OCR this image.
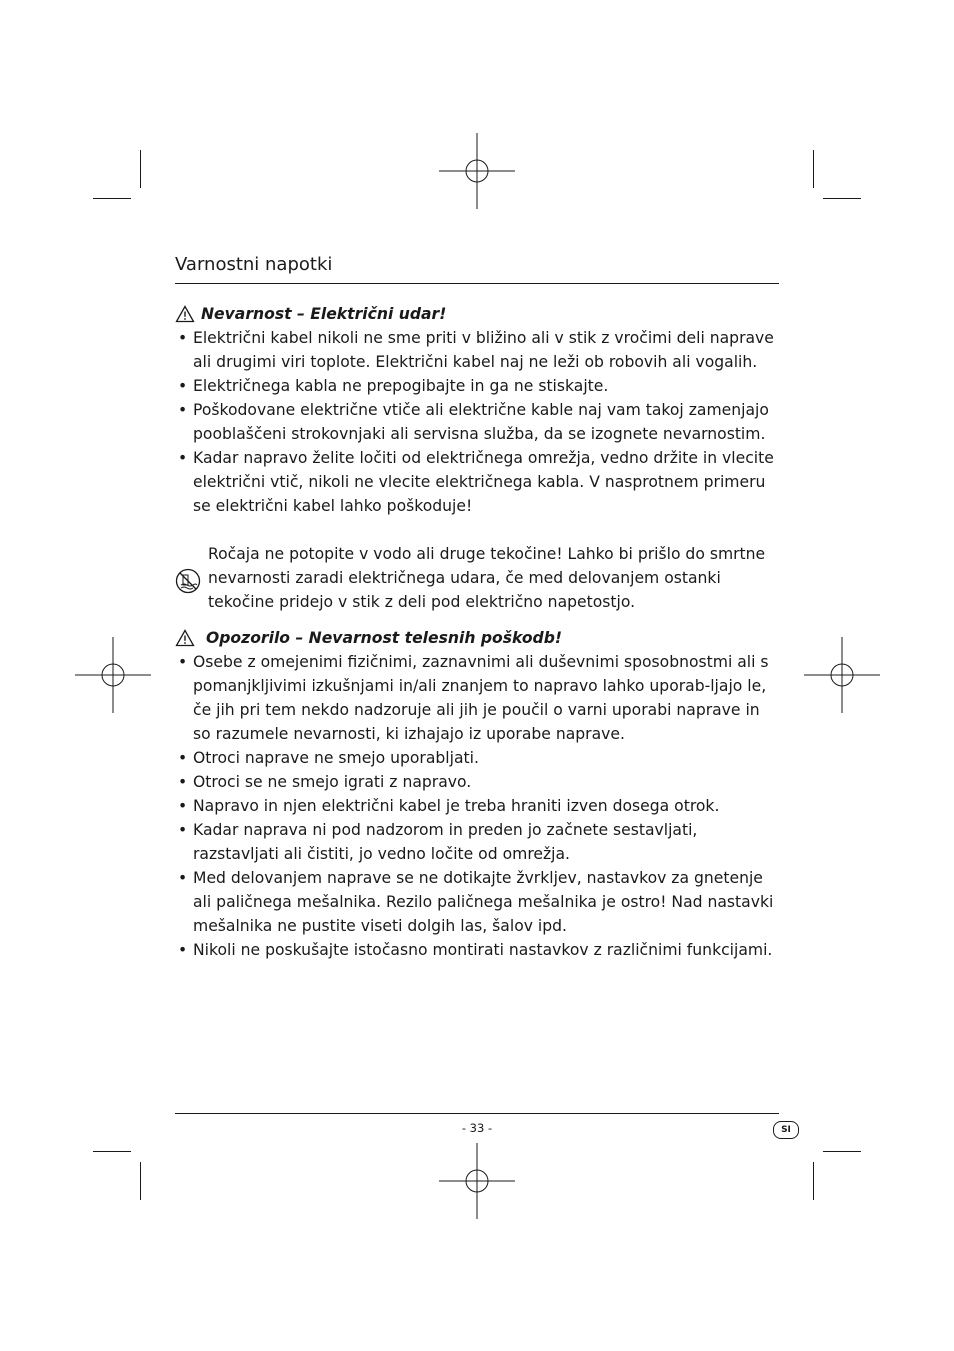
Varnostni napotki
Nevarnost – Električni udar!
• Električni kabel nikoli ne sme priti v bližino ali v stik z vročimi deli naprave ali drugimi viri toplote. Električni kabel naj ne leži ob robovih ali vogalih.
• Električnega kabla ne prepogibajte in ga ne stiskajte.
• Poškodovane električne vtiče ali električne kable naj vam takoj zamenjajo pooblaščeni strokovnjaki ali servisna služba, da se izognete nevarnostim.
• Kadar napravo želite ločiti od električnega omrežja, vedno držite in vlecite električni vtič, nikoli ne vlecite električnega kabla. V nasprotnem primeru se električni kabel lahko poškoduje!

Ročaja ne potopite v vodo ali druge tekočine! Lahko bi prišlo do smrtne nevarnosti zaradi električnega udara, če med delovanjem ostanki tekočine pridejo v stik z deli pod električno napetostjo.

Opozorilo – Nevarnost telesnih poškodb!
• Osebe z omejenimi fizičnimi, zaznavnimi ali duševnimi sposobnostmi ali s pomanjkljivimi izkušnjami in/ali znanjem to napravo lahko uporab-ljajo le, če jih pri tem nekdo nadzoruje ali jih je poučil o varni uporabi naprave in so razumele nevarnosti, ki izhajajo iz uporabe naprave.
• Otroci naprave ne smejo uporabljati.
• Otroci se ne smejo igrati z napravo.
• Napravo in njen električni kabel je treba hraniti izven dosega otrok.
• Kadar naprava ni pod nadzorom in preden jo začnete sestavljati, razstavljati ali čistiti, jo vedno ločite od omrežja.
• Med delovanjem naprave se ne dotikajte žvrkljev, nastavkov za gnetenje ali paličnega mešalnika. Rezilo paličnega mešalnika je ostro! Nad nastavki mešalnika ne pustite viseti dolgih las, šalov ipd.
• Nikoli ne poskušajte istočasno montirati nastavkov z različnimi funkcijami.
- 33 -	SI
